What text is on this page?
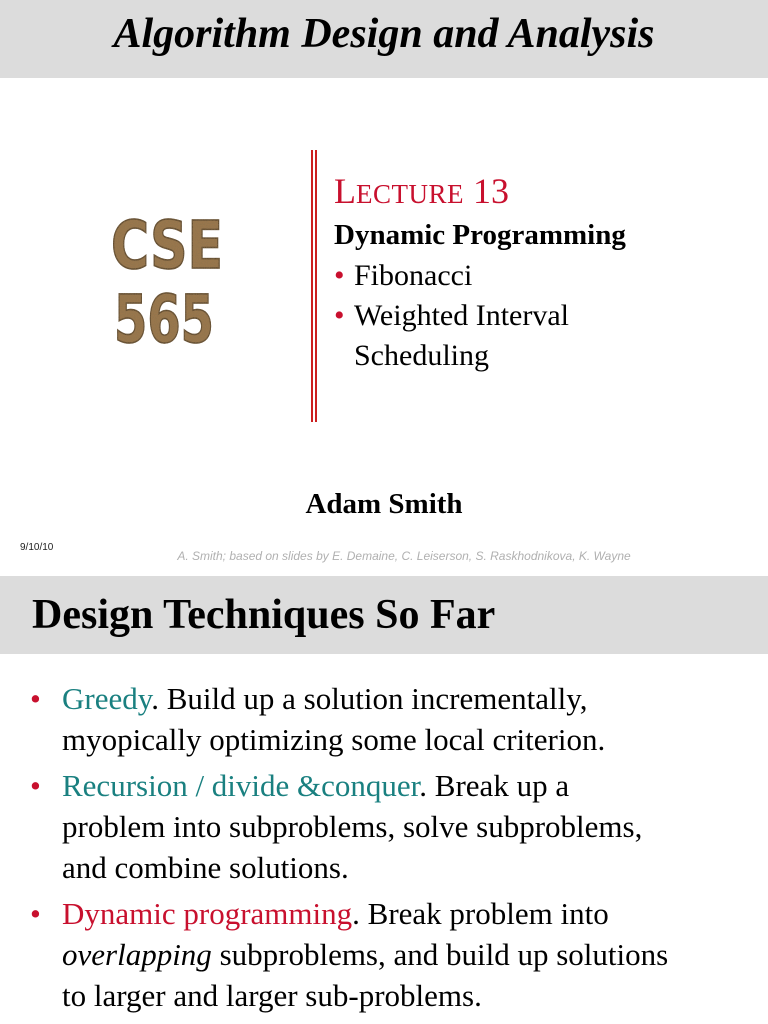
Algorithm Design and Analysis
CSE
565
LECTURE 13
Dynamic Programming
• Fibonacci
• Weighted Interval
Scheduling
Adam Smith
9/10/10
A. Smith; based on slides by E. Demaine, C. Leiserson, S. Raskhodnikova, K. Wayne
Design Techniques So Far
• Greedy. Build up a solution incrementally,
myopically optimizing some local criterion.
• Recursion / divide &conquer. Break up a
problem into subproblems, solve subproblems,
and combine solutions.
• Dynamic programming. Break problem into
overlapping subproblems, and build up solutions
to larger and larger sub-problems.
